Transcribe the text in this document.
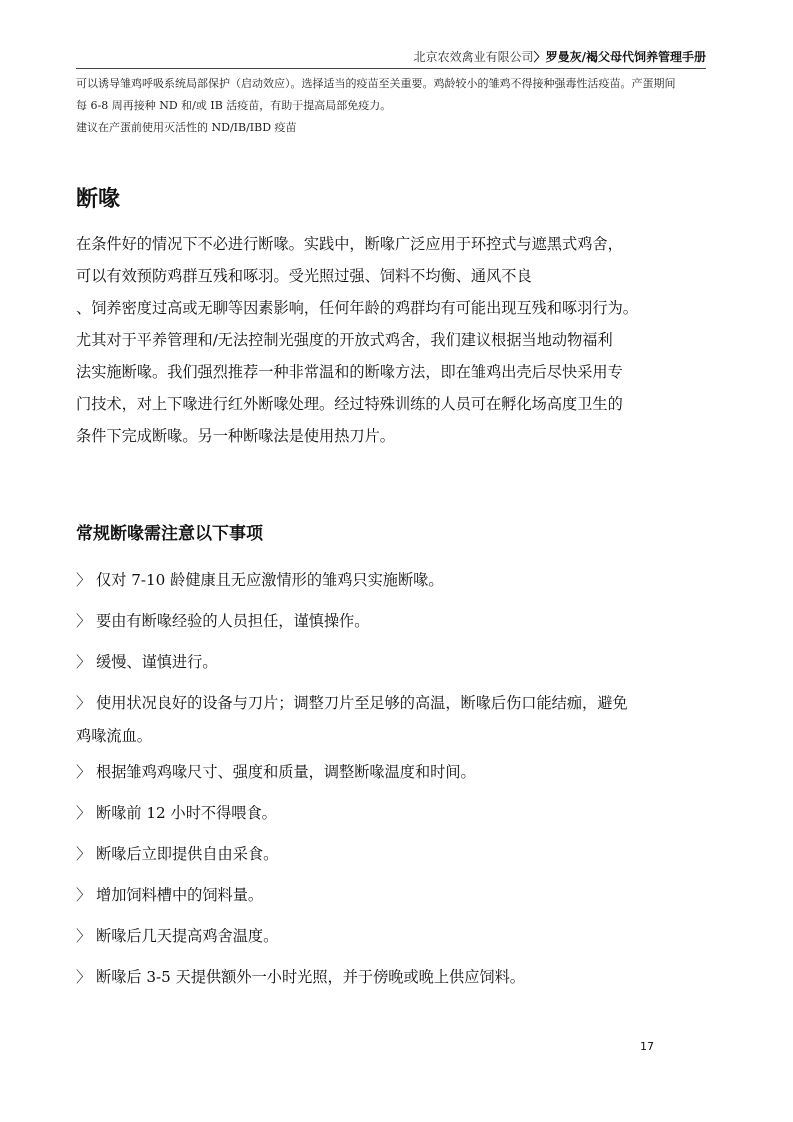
北京农效禽业有限公司〉罗曼灰/褐父母代饲养管理手册
可以诱导雏鸡呼吸系统局部保护（启动效应）。选择适当的疫苗至关重要。鸡龄较小的雏鸡不得接种强毒性活疫苗。产蛋期间
每 6-8 周再接种 ND 和/或 IB 活疫苗，有助于提高局部免疫力。
建议在产蛋前使用灭活性的 ND/IB/IBD 疫苗
断喙
在条件好的情况下不必进行断喙。实践中，断喙广泛应用于环控式与遮黑式鸡舍，
可以有效预防鸡群互残和啄羽。受光照过强、饲料不均衡、通风不良
、饲养密度过高或无聊等因素影响，任何年龄的鸡群均有可能出现互残和啄羽行为。
尤其对于平养管理和/无法控制光强度的开放式鸡舍，我们建议根据当地动物福利
法实施断喙。我们强烈推荐一种非常温和的断喙方法，即在雏鸡出壳后尽快采用专
门技术，对上下喙进行红外断喙处理。经过特殊训练的人员可在孵化场高度卫生的
条件下完成断喙。另一种断喙法是使用热刀片。
常规断喙需注意以下事项
〉 仅对 7-10 龄健康且无应激情形的雏鸡只实施断喙。
〉 要由有断喙经验的人员担任，谨慎操作。
〉 缓慢、谨慎进行。
〉 使用状况良好的设备与刀片；调整刀片至足够的高温，断喙后伤口能结痂，避免
鸡喙流血。
〉 根据雏鸡鸡喙尺寸、强度和质量，调整断喙温度和时间。
〉 断喙前 12 小时不得喂食。
〉 断喙后立即提供自由采食。
〉 增加饲料槽中的饲料量。
〉 断喙后几天提高鸡舍温度。
〉 断喙后 3-5 天提供额外一小时光照，并于傍晚或晚上供应饲料。
17
